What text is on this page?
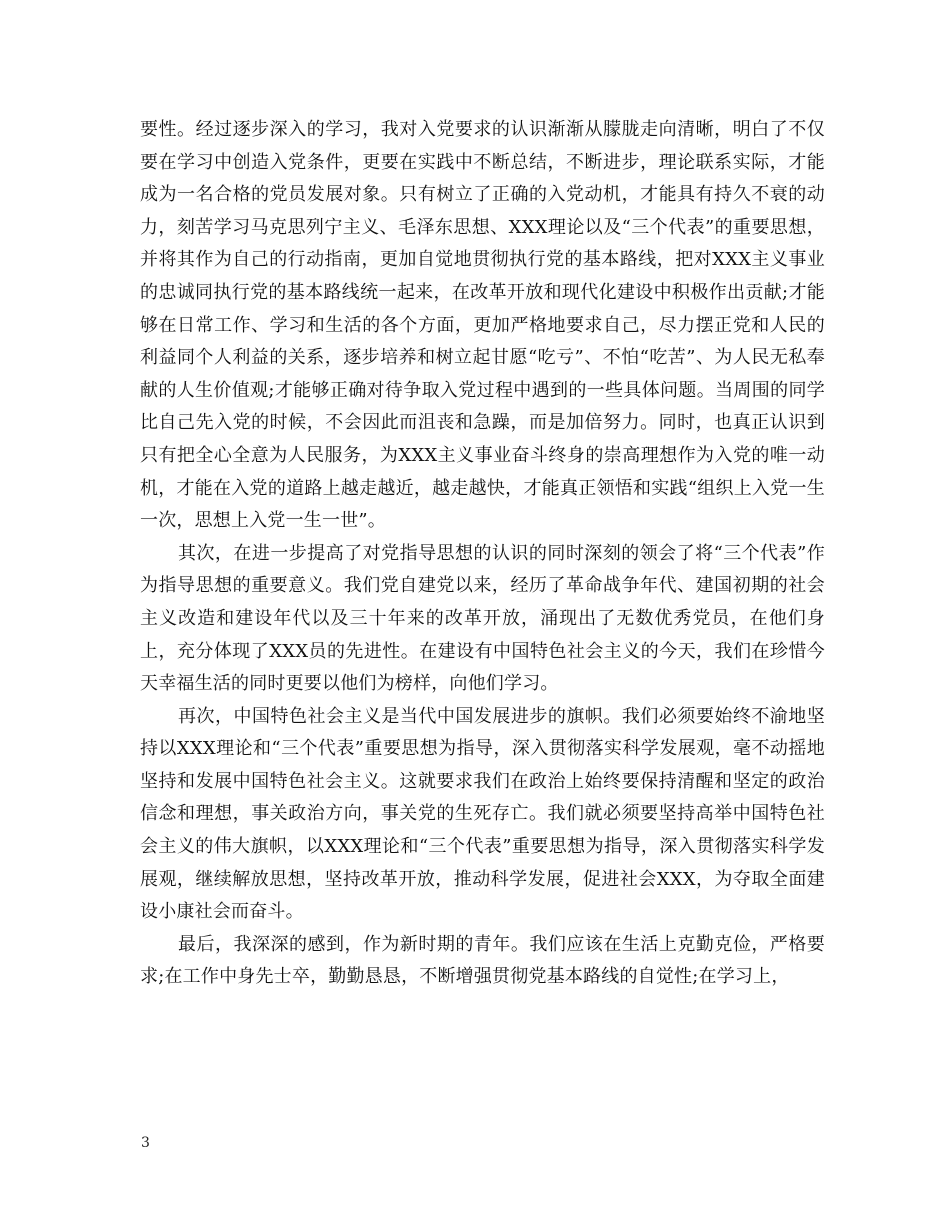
要性。经过逐步深入的学习，我对入党要求的认识渐渐从朦胧走向清晰，明白了不仅要在学习中创造入党条件，更要在实践中不断总结，不断进步，理论联系实际，才能成为一名合格的党员发展对象。只有树立了正确的入党动机，才能具有持久不衰的动力，刻苦学习马克思列宁主义、毛泽东思想、XXX理论以及“三个代表”的重要思想，并将其作为自己的行动指南，更加自觉地贯彻执行党的基本路线，把对XXX主义事业的忠诚同执行党的基本路线统一起来，在改革开放和现代化建设中积极作出贡献;才能够在日常工作、学习和生活的各个方面，更加严格地要求自己，尽力摆正党和人民的利益同个人利益的关系，逐步培养和树立起甘愿“吃亏”、不怕“吃苦”、为人民无私奉献的人生价值观;才能够正确对待争取入党过程中遇到的一些具体问题。当周围的同学比自己先入党的时候，不会因此而沮丧和急躁，而是加倍努力。同时，也真正认识到只有把全心全意为人民服务，为XXX主义事业奋斗终身的崇高理想作为入党的唯一动机，才能在入党的道路上越走越近，越走越快，才能真正领悟和实践“组织上入党一生一次，思想上入党一生一世”。

其次，在进一步提高了对党指导思想的认识的同时深刻的领会了将“三个代表”作为指导思想的重要意义。我们党自建党以来，经历了革命战争年代、建国初期的社会主义改造和建设年代以及三十年来的改革开放，涌现出了无数优秀党员，在他们身上，充分体现了XXX员的先进性。在建设有中国特色社会主义的今天，我们在珍惜今天幸福生活的同时更要以他们为榜样，向他们学习。

再次，中国特色社会主义是当代中国发展进步的旗帜。我们必须要始终不渝地坚持以XXX理论和“三个代表”重要思想为指导，深入贯彻落实科学发展观，毫不动摇地坚持和发展中国特色社会主义。这就要求我们在政治上始终要保持清醒和坚定的政治信念和理想，事关政治方向，事关党的生死存亡。我们就必须要坚持高举中国特色社会主义的伟大旗帜，以XXX理论和“三个代表”重要思想为指导，深入贯彻落实科学发展观，继续解放思想，坚持改革开放，推动科学发展，促进社会XXX，为夺取全面建设小康社会而奋斗。

最后，我深深的感到，作为新时期的青年。我们应该在生活上克勤克俭，严格要求;在工作中身先士卒，勤勤恳恳，不断增强贯彻党基本路线的自觉性;在学习上，

3
